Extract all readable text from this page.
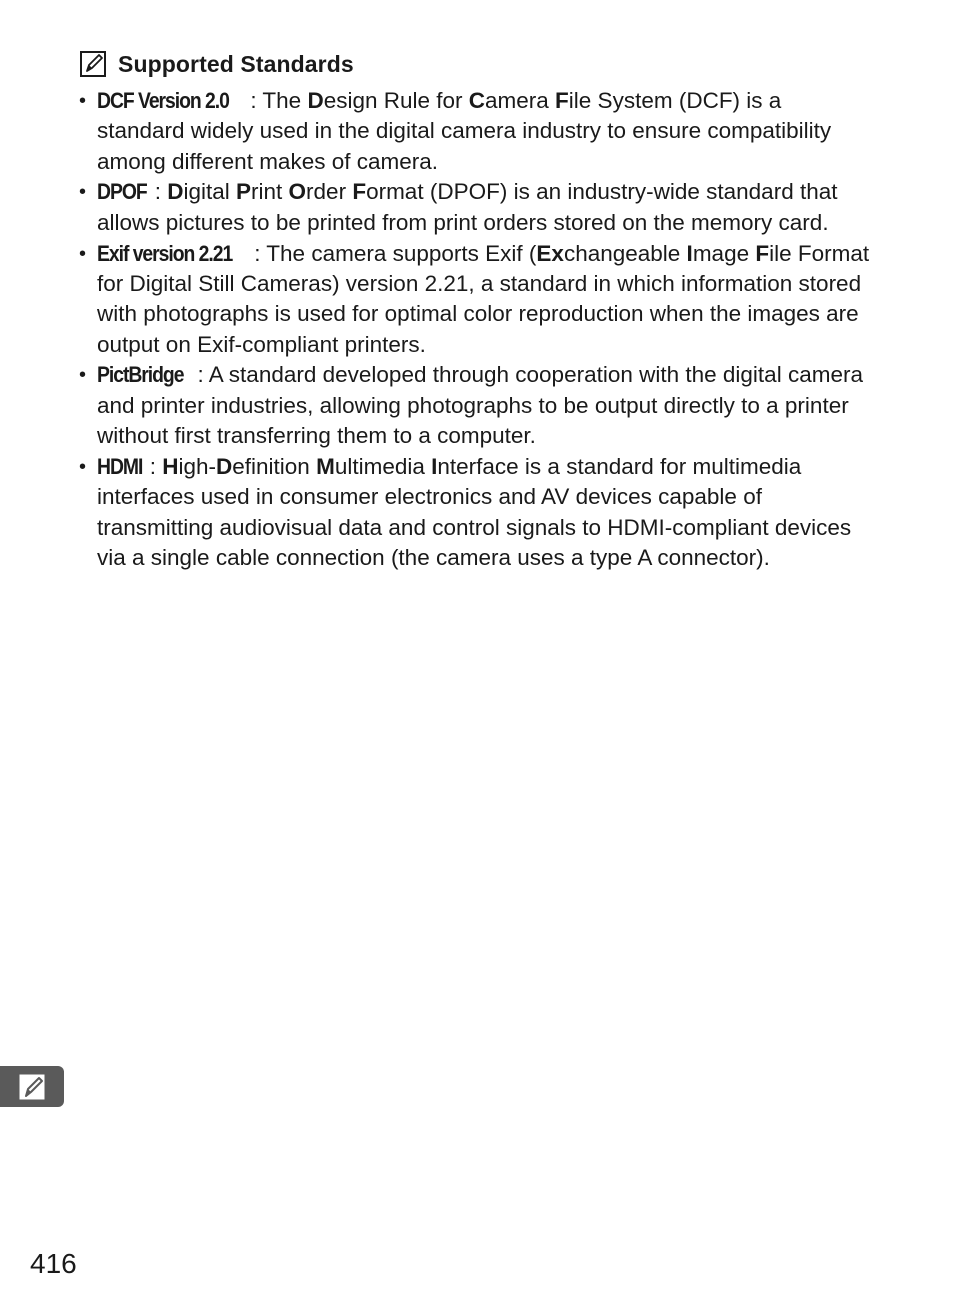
Supported Standards
• DCF Version 2.0 : The Design Rule for Camera File System (DCF) is a standard widely used in the digital camera industry to ensure compatibility among different makes of camera.
• DPOF : Digital Print Order Format (DPOF) is an industry-wide standard that allows pictures to be printed from print orders stored on the memory card.
• Exif version 2.21 : The camera supports Exif (Exchangeable Image File Format for Digital Still Cameras) version 2.21, a standard in which information stored with photographs is used for optimal color reproduction when the images are output on Exif-compliant printers.
• PictBridge : A standard developed through cooperation with the digital camera and printer industries, allowing photographs to be output directly to a printer without first transferring them to a computer.
• HDMI : High-Definition Multimedia Interface is a standard for multimedia interfaces used in consumer electronics and AV devices capable of transmitting audiovisual data and control signals to HDMI-compliant devices via a single cable connection (the camera uses a type A connector).
416
